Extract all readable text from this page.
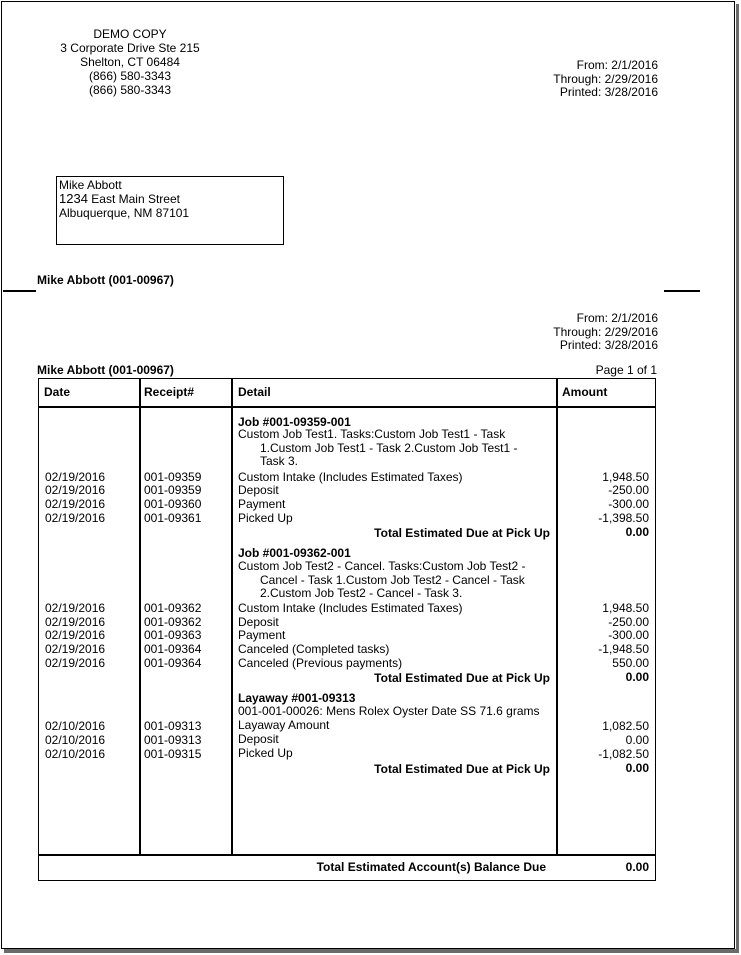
DEMO COPY
3 Corporate Drive Ste 215
Shelton, CT 06484
(866) 580-3343
(866) 580-3343
From: 2/1/2016
Through: 2/29/2016
Printed: 3/28/2016
Mike Abbott
1234 East Main Street
Albuquerque, NM 87101
Mike Abbott (001-00967)
From: 2/1/2016
Through: 2/29/2016
Printed: 3/28/2016
Mike Abbott (001-00967)	Page 1 of 1
Date	Receipt#	Detail	Amount
Job #001-09359-001
Custom Job Test1. Tasks:Custom Job Test1 - Task
1.Custom Job Test1 - Task 2.Custom Job Test1 -
Task 3.
02/19/2016	001-09359	Custom Intake (Includes Estimated Taxes)	1,948.50
02/19/2016	001-09359	Deposit	-250.00
02/19/2016	001-09360	Payment	-300.00
02/19/2016	001-09361	Picked Up	-1,398.50
Total Estimated Due at Pick Up	0.00
Job #001-09362-001
Custom Job Test2 - Cancel. Tasks:Custom Job Test2 -
Cancel - Task 1.Custom Job Test2 - Cancel - Task
2.Custom Job Test2 - Cancel - Task 3.
02/19/2016	001-09362	Custom Intake (Includes Estimated Taxes)	1,948.50
02/19/2016	001-09362	Deposit	-250.00
02/19/2016	001-09363	Payment	-300.00
02/19/2016	001-09364	Canceled (Completed tasks)	-1,948.50
02/19/2016	001-09364	Canceled (Previous payments)	550.00
Total Estimated Due at Pick Up	0.00
Layaway #001-09313
001-001-00026: Mens Rolex Oyster Date SS 71.6 grams
02/10/2016	001-09313	Layaway Amount	1,082.50
02/10/2016	001-09313	Deposit	0.00
02/10/2016	001-09315	Picked Up	-1,082.50
Total Estimated Due at Pick Up	0.00
Total Estimated Account(s) Balance Due	0.00
